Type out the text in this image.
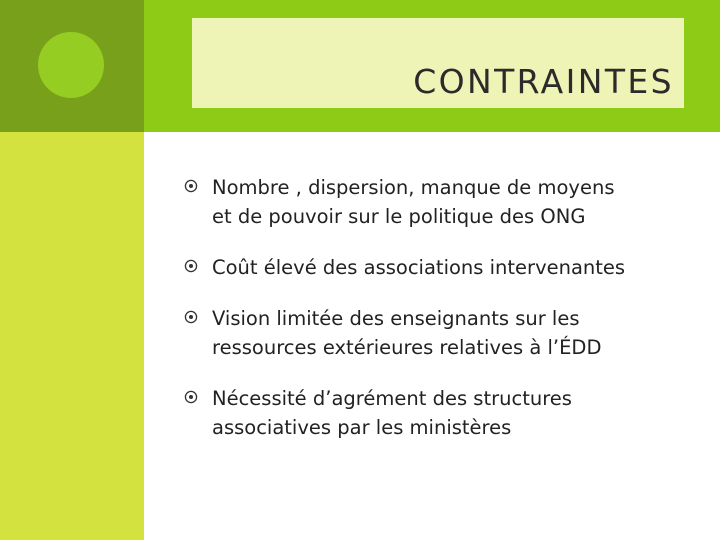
CONTRAINTES
Nombre , dispersion, manque de moyens
et de pouvoir sur le politique des ONG
Coût élevé des associations intervenantes
Vision limitée des enseignants sur les
ressources extérieures relatives à l’ÉDD
Nécessité d’agrément des structures
associatives par les ministères
